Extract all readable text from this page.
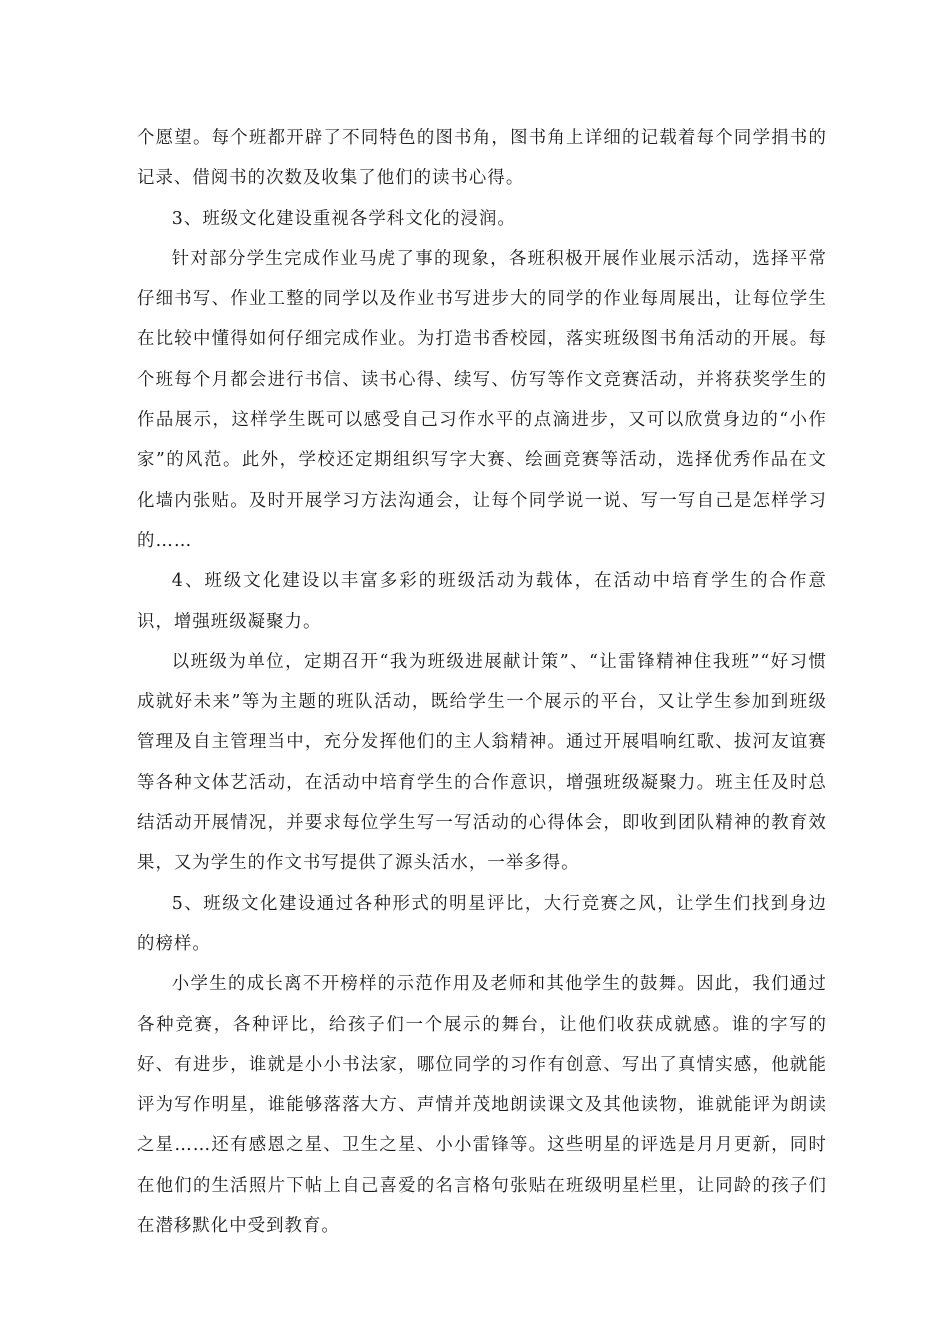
个愿望。每个班都开辟了不同特色的图书角，图书角上详细的记载着每个同学捐书的记录、借阅书的次数及收集了他们的读书心得。

3、班级文化建设重视各学科文化的浸润。

针对部分学生完成作业马虎了事的现象，各班积极开展作业展示活动，选择平常仔细书写、作业工整的同学以及作业书写进步大的同学的作业每周展出，让每位学生在比较中懂得如何仔细完成作业。为打造书香校园，落实班级图书角活动的开展。每个班每个月都会进行书信、读书心得、续写、仿写等作文竞赛活动，并将获奖学生的作品展示，这样学生既可以感受自己习作水平的点滴进步，又可以欣赏身边的“小作家”的风范。此外，学校还定期组织写字大赛、绘画竞赛等活动，选择优秀作品在文化墙内张贴。及时开展学习方法沟通会，让每个同学说一说、写一写自己是怎样学习的……

4、班级文化建设以丰富多彩的班级活动为载体，在活动中培育学生的合作意识，增强班级凝聚力。

以班级为单位，定期召开“我为班级进展献计策”、“让雷锋精神住我班”“好习惯成就好未来”等为主题的班队活动，既给学生一个展示的平台，又让学生参加到班级管理及自主管理当中，充分发挥他们的主人翁精神。通过开展唱响红歌、拔河友谊赛等各种文体艺活动，在活动中培育学生的合作意识，增强班级凝聚力。班主任及时总结活动开展情况，并要求每位学生写一写活动的心得体会，即收到团队精神的教育效果，又为学生的作文书写提供了源头活水，一举多得。

5、班级文化建设通过各种形式的明星评比，大行竞赛之风，让学生们找到身边的榜样。

小学生的成长离不开榜样的示范作用及老师和其他学生的鼓舞。因此，我们通过各种竞赛，各种评比，给孩子们一个展示的舞台，让他们收获成就感。谁的字写的好、有进步，谁就是小小书法家，哪位同学的习作有创意、写出了真情实感，他就能评为写作明星，谁能够落落大方、声情并茂地朗读课文及其他读物，谁就能评为朗读之星……还有感恩之星、卫生之星、小小雷锋等。这些明星的评选是月月更新，同时在他们的生活照片下帖上自己喜爱的名言格句张贴在班级明星栏里，让同龄的孩子们在潜移默化中受到教育。
